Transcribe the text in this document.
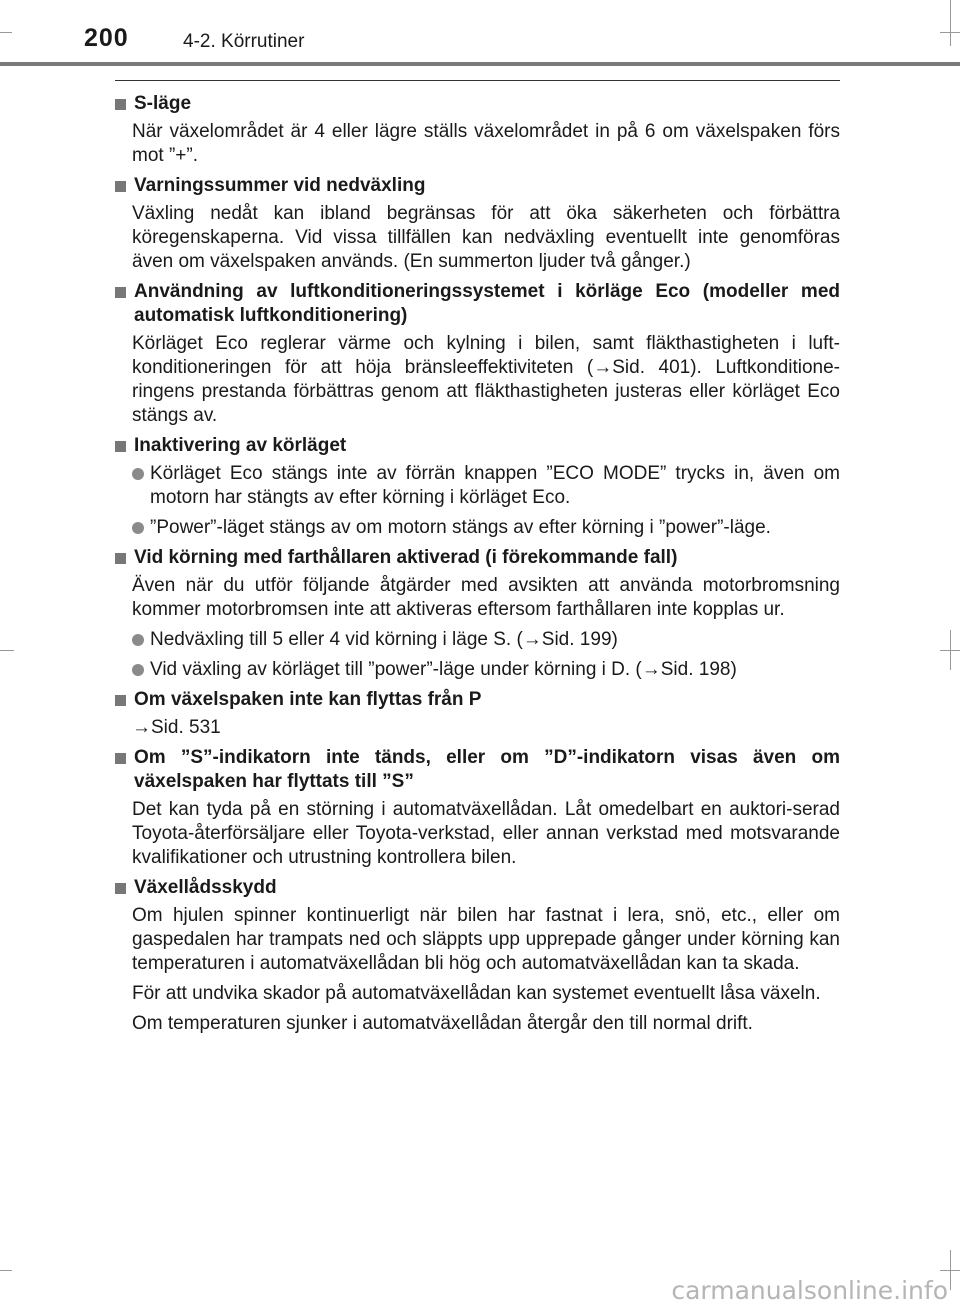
200	4-2. Körrutiner
S-läge
När växelområdet är 4 eller lägre ställs växelområdet in på 6 om växelspaken förs mot ”+”.
Varningssummer vid nedväxling
Växling nedåt kan ibland begränsas för att öka säkerheten och förbättra köregenskaperna. Vid vissa tillfällen kan nedväxling eventuellt inte genomföras även om växelspaken används. (En summerton ljuder två gånger.)
Användning av luftkonditioneringssystemet i körläge Eco (modeller med automatisk luftkonditionering)
Körläget Eco reglerar värme och kylning i bilen, samt fläkthastigheten i luft-konditioneringen för att höja bränsleeffektiviteten (→Sid. 401). Luftkonditione-ringens prestanda förbättras genom att fläkthastigheten justeras eller körläget Eco stängs av.
Inaktivering av körläget
Körläget Eco stängs inte av förrän knappen ”ECO MODE” trycks in, även om motorn har stängts av efter körning i körläget Eco.
”Power”-läget stängs av om motorn stängs av efter körning i ”power”-läge.
Vid körning med farthållaren aktiverad (i förekommande fall)
Även när du utför följande åtgärder med avsikten att använda motorbromsning kommer motorbromsen inte att aktiveras eftersom farthållaren inte kopplas ur.
Nedväxling till 5 eller 4 vid körning i läge S. (→Sid. 199)
Vid växling av körläget till ”power”-läge under körning i D. (→Sid. 198)
Om växelspaken inte kan flyttas från P
→Sid. 531
Om ”S”-indikatorn inte tänds, eller om ”D”-indikatorn visas även om växelspaken har flyttats till ”S”
Det kan tyda på en störning i automatväxellådan. Låt omedelbart en auktori-serad Toyota-återförsäljare eller Toyota-verkstad, eller annan verkstad med motsvarande kvalifikationer och utrustning kontrollera bilen.
Växellådsskydd
Om hjulen spinner kontinuerligt när bilen har fastnat i lera, snö, etc., eller om gaspedalen har trampats ned och släppts upp upprepade gånger under körning kan temperaturen i automatväxellådan bli hög och automatväxellådan kan ta skada.
För att undvika skador på automatväxellådan kan systemet eventuellt låsa växeln.
Om temperaturen sjunker i automatväxellådan återgår den till normal drift.
carmanualsonline.info
